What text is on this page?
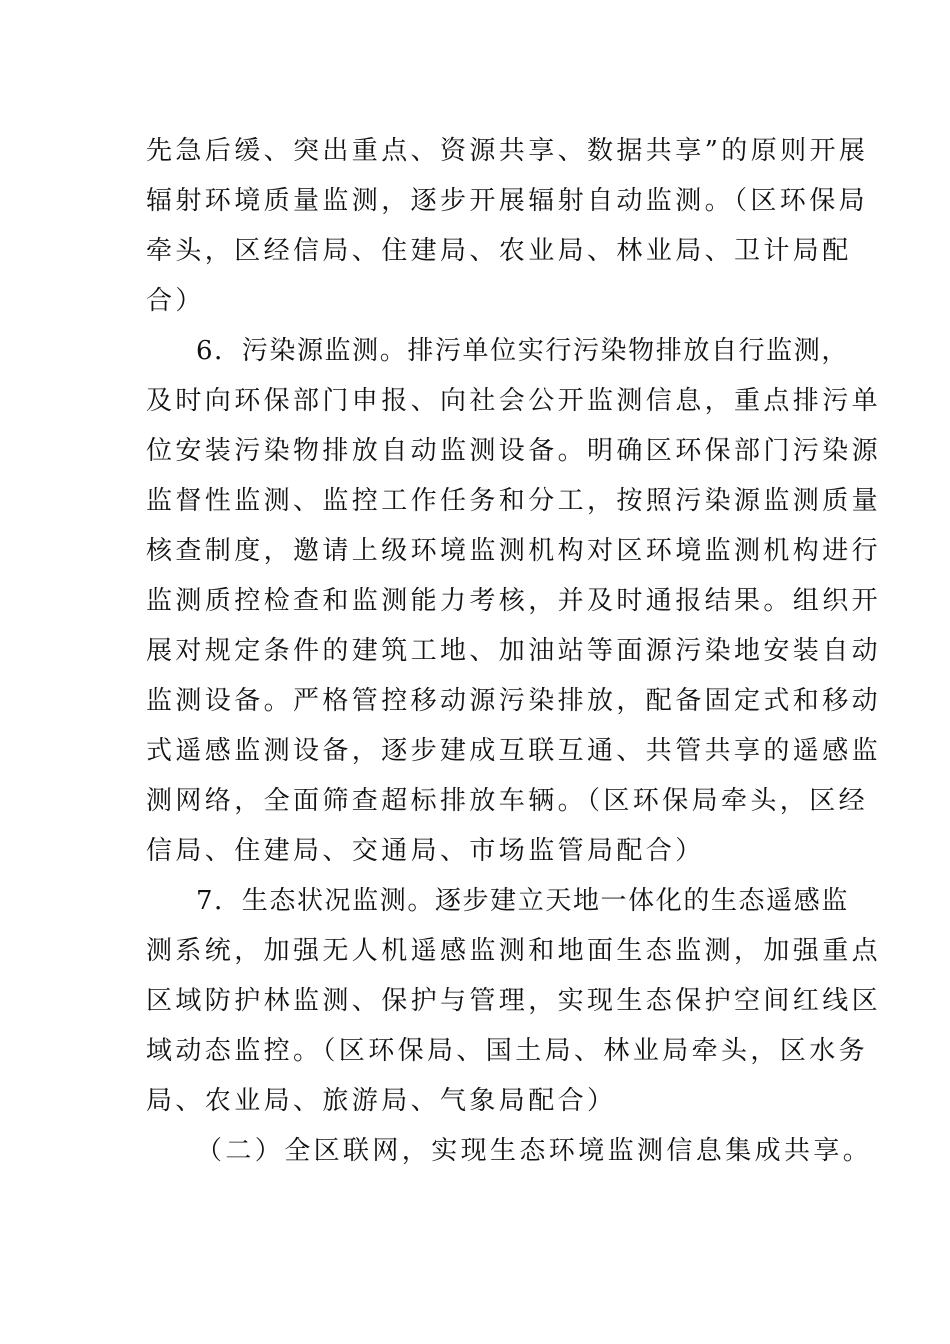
先急后缓、突出重点、资源共享、数据共享”的原则开展
辐射环境质量监测，逐步开展辐射自动监测。（区环保局
牵头，区经信局、住建局、农业局、林业局、卫计局配
合）
6．污染源监测。排污单位实行污染物排放自行监测，
及时向环保部门申报、向社会公开监测信息，重点排污单
位安装污染物排放自动监测设备。明确区环保部门污染源
监督性监测、监控工作任务和分工，按照污染源监测质量
核查制度，邀请上级环境监测机构对区环境监测机构进行
监测质控检查和监测能力考核，并及时通报结果。组织开
展对规定条件的建筑工地、加油站等面源污染地安装自动
监测设备。严格管控移动源污染排放，配备固定式和移动
式遥感监测设备，逐步建成互联互通、共管共享的遥感监
测网络，全面筛查超标排放车辆。（区环保局牵头，区经
信局、住建局、交通局、市场监管局配合）
7．生态状况监测。逐步建立天地一体化的生态遥感监
测系统，加强无人机遥感监测和地面生态监测，加强重点
区域防护林监测、保护与管理，实现生态保护空间红线区
域动态监控。（区环保局、国土局、林业局牵头，区水务
局、农业局、旅游局、气象局配合）
（二）全区联网，实现生态环境监测信息集成共享。
